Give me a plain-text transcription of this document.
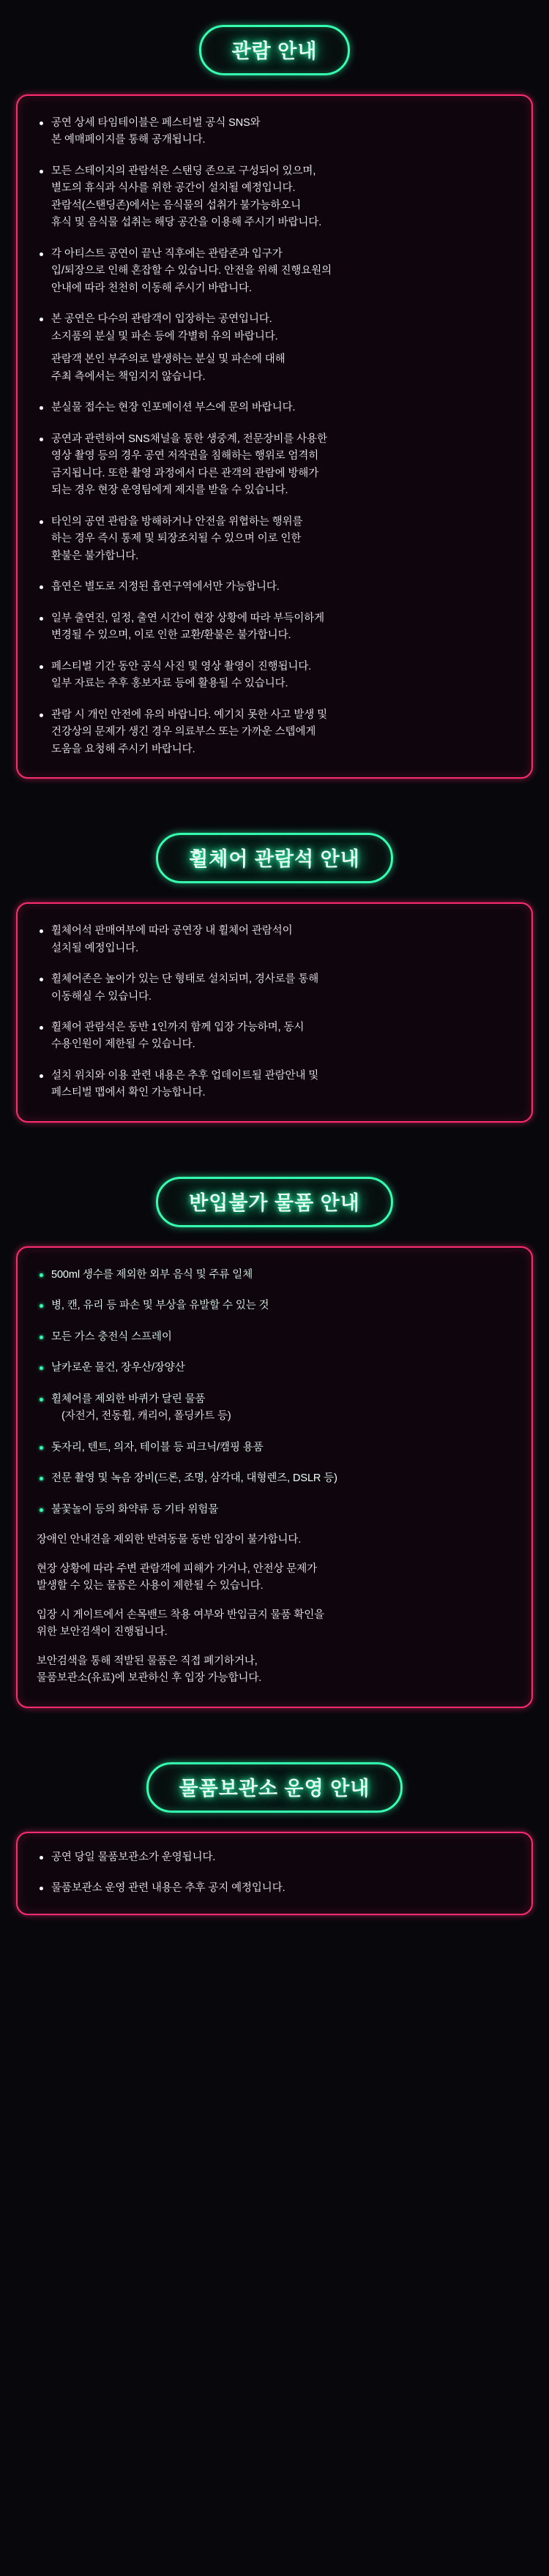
관람 안내
공연 상세 타임테이블은 페스티벌 공식 SNS와
본 예매페이지를 통해 공개됩니다.
모든 스테이지의 관람석은 스탠딩 존으로 구성되어 있으며,
별도의 휴식과 식사를 위한 공간이 설치될 예정입니다.
관람석(스탠딩존)에서는 음식물의 섭취가 불가능하오니
휴식 및 음식물 섭취는 해당 공간을 이용해 주시기 바랍니다.
각 아티스트 공연이 끝난 직후에는 관람존과 입구가
입/퇴장으로 인해 혼잡할 수 있습니다. 안전을 위해 진행요원의
안내에 따라 천천히 이동해 주시기 바랍니다.
본 공연은 다수의 관람객이 입장하는 공연입니다.
소지품의 분실 및 파손 등에 각별히 유의 바랍니다.
관람객 본인 부주의로 발생하는 분실 및 파손에 대해
주최 측에서는 책임지지 않습니다.
분실물 접수는 현장 인포메이션 부스에 문의 바랍니다.
공연과 관련하여 SNS채널을 통한 생중계, 전문장비를 사용한
영상 촬영 등의 경우 공연 저작권을 침해하는 행위로 엄격히
금지됩니다. 또한 촬영 과정에서 다른 관객의 관람에 방해가
되는 경우 현장 운영팀에게 제지를 받을 수 있습니다.
타인의 공연 관람을 방해하거나 안전을 위협하는 행위를
하는 경우 즉시 통제 및 퇴장조치될 수 있으며 이로 인한
환불은 불가합니다.
흡연은 별도로 지정된 흡연구역에서만 가능합니다.
일부 출연진, 일정, 출연 시간이 현장 상황에 따라 부득이하게
변경될 수 있으며, 이로 인한 교환/환불은 불가합니다.
페스티벌 기간 동안 공식 사진 및 영상 촬영이 진행됩니다.
일부 자료는 추후 홍보자료 등에 활용될 수 있습니다.
관람 시 개인 안전에 유의 바랍니다. 예기치 못한 사고 발생 및
건강상의 문제가 생긴 경우 의료부스 또는 가까운 스텝에게
도움을 요청해 주시기 바랍니다.
휠체어 관람석 안내
휠체어석 판매여부에 따라 공연장 내 휠체어 관람석이
설치될 예정입니다.
휠체어존은 높이가 있는 단 형태로 설치되며, 경사로를 통해
이동해실 수 있습니다.
휠체어 관람석은 동반 1인까지 함께 입장 가능하며, 동시
수용인원이 제한될 수 있습니다.
설치 위치와 이용 관련 내용은 추후 업데이트될 관람안내 및
페스티벌 맵에서 확인 가능합니다.
반입불가 물품 안내
500ml 생수를 제외한 외부 음식 및 주류 일체
병, 캔, 유리 등 파손 및 부상을 유발할 수 있는 것
모든 가스 충전식 스프레이
날카로운 물건, 장우산/장양산
휠체어를 제외한 바퀴가 달린 물품
(자전거, 전동휠, 캐리어, 폴딩카트 등)
돗자리, 텐트, 의자, 테이블 등 피크닉/캠핑 용품
전문 촬영 및 녹음 장비(드론, 조명, 삼각대, 대형렌즈, DSLR 등)
불꽃놀이 등의 화약류 등 기타 위험물

장애인 안내견을 제외한 반려동물 동반 입장이 불가합니다.

현장 상황에 따라 주변 관람객에 피해가 가거나, 안전상 문제가
발생할 수 있는 물품은 사용이 제한될 수 있습니다.

입장 시 게이트에서 손목밴드 착용 여부와 반입금지 물품 확인을
위한 보안검색이 진행됩니다.

보안검색을 통해 적발된 물품은 직접 폐기하거나,
물품보관소(유료)에 보관하신 후 입장 가능합니다.

물품보관소 운영 안내
공연 당일 물품보관소가 운영됩니다.
물품보관소 운영 관련 내용은 추후 공지 예정입니다.
